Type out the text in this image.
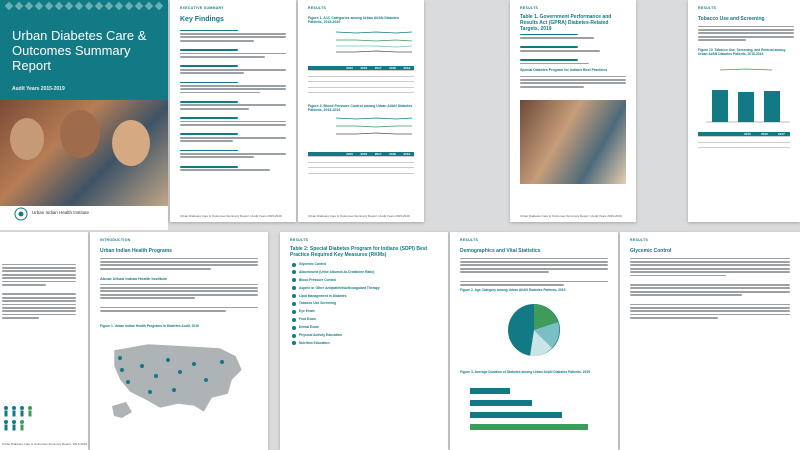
Urban Diabetes Care & Outcomes Summary Report
Audit Years 2015-2019
Urban Indian Health Institute
EXECUTIVE SUMMARY
Key Findings

Urban Diabetes Care & Outcomes Summary Report | Audit Years 2015-2019
RESULTS
Figure 1. A1C Categories among Urban AI/AN Diabetes Patients, 2015-2019
2015	2016	2017	2018	2019
Figure 2. Blood Pressure Control among Urban AI/AN Diabetes Patients, 2015-2019
2015	2016	2017	2018	2019
Urban Diabetes Care & Outcomes Summary Report | Audit Years 2015-2019
RESULTS
Table 1. Government Performance and Results Act (GPRA) Diabetes-Related Targets, 2019

Special Diabetes Program for Indians Best Practices
Urban Diabetes Care & Outcomes Summary Report | Audit Years 2015-2019
RESULTS
Tobacco Use and Screening
Figure 10. Tobacco Use, Screening, and Referral among Urban AI/AN Diabetes Patients, 2015-2019
2015	2016	2017

Urban Diabetes Care & Outcomes Summary Report, 2015-2019
INTRODUCTION
Urban Indian Health Programs
About Urban Indian Health Institute

Figure 1. Urban Indian Health Programs in Diabetes Audit, 2019
RESULTS
Table 2: Special Diabetes Program for Indians (SDPI) Best Practice Required Key Measures (RKMs)
Glycemic Control
Albuminuria (Urine Albumin-to-Creatinine Ratio)
Blood Pressure Control
Aspirin or Other Antiplatelet/Anticoagulant Therapy
Lipid Management in Diabetes
Tobacco Use Screening
Eye Exam
Foot Exam
Dental Exam
Physical Activity Education
Nutrition Education
RESULTS
Demographics and Vital Statistics

Figure 2. Age Category among Urban AI/AN Diabetes Patients, 2019
Figure 3. Average Duration of Diabetes among Urban AI/AN Diabetes Patients, 2019
RESULTS
Glycemic Control
